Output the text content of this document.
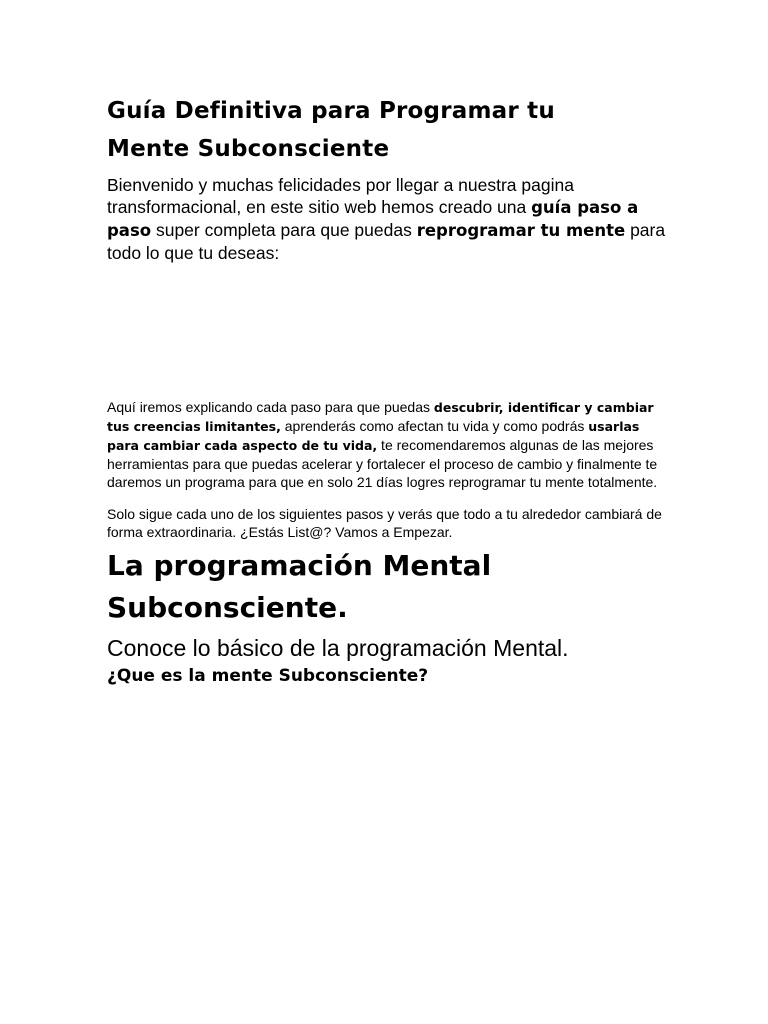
Guía Definitiva para Programar tu
Mente Subconsciente

Bienvenido y muchas felicidades por llegar a nuestra pagina transformacional, en este sitio web hemos creado una guía paso a paso super completa para que puedas reprogramar tu mente para todo lo que tu deseas:

Aquí iremos explicando cada paso para que puedas descubrir, identificar y cambiar tus creencias limitantes, aprenderás como afectan tu vida y como podrás usarlas para cambiar cada aspecto de tu vida, te recomendaremos algunas de las mejores herramientas para que puedas acelerar y fortalecer el proceso de cambio y finalmente te daremos un programa para que en solo 21 días logres reprogramar tu mente totalmente.

Solo sigue cada uno de los siguientes pasos y verás que todo a tu alrededor cambiará de forma extraordinaria. ¿Estás List@? Vamos a Empezar.

La programación Mental
Subconsciente.

Conoce lo básico de la programación Mental.

¿Que es la mente Subconsciente?
